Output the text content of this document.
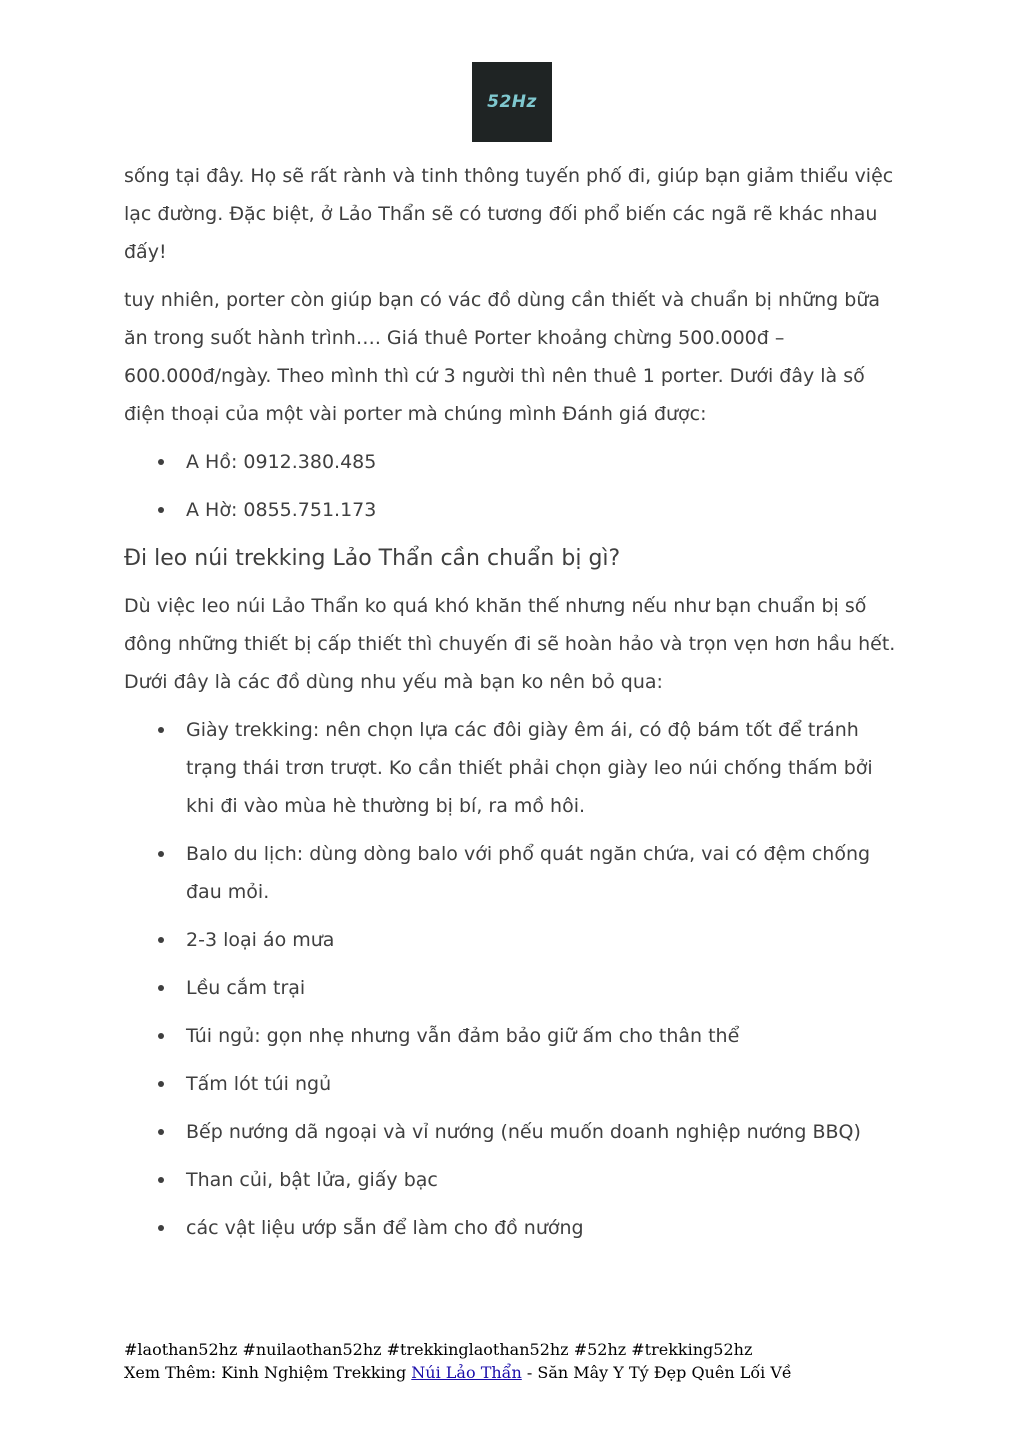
52Hz

sống tại đây. Họ sẽ rất rành và tinh thông tuyến phố đi, giúp bạn giảm thiểu việc lạc đường. Đặc biệt, ở Lảo Thẩn sẽ có tương đối phổ biến các ngã rẽ khác nhau đấy!

tuy nhiên, porter còn giúp bạn có vác đồ dùng cần thiết và chuẩn bị những bữa ăn trong suốt hành trình…. Giá thuê Porter khoảng chừng 500.000đ – 600.000đ/ngày. Theo mình thì cứ 3 người thì nên thuê 1 porter. Dưới đây là số điện thoại của một vài porter mà chúng mình Đánh giá được:

A Hồ: 0912.380.485
A Hờ: 0855.751.173
Đi leo núi trekking Lảo Thẩn cần chuẩn bị gì?

Dù việc leo núi Lảo Thẩn ko quá khó khăn thế nhưng nếu như bạn chuẩn bị số đông những thiết bị cấp thiết thì chuyến đi sẽ hoàn hảo và trọn vẹn hơn hầu hết. Dưới đây là các đồ dùng nhu yếu mà bạn ko nên bỏ qua:

Giày trekking: nên chọn lựa các đôi giày êm ái, có độ bám tốt để tránh trạng thái trơn trượt. Ko cần thiết phải chọn giày leo núi chống thấm bởi khi đi vào mùa hè thường bị bí, ra mồ hôi.
Balo du lịch: dùng dòng balo với phổ quát ngăn chứa, vai có đệm chống đau mỏi.
2-3 loại áo mưa
Lều cắm trại
Túi ngủ: gọn nhẹ nhưng vẫn đảm bảo giữ ấm cho thân thể
Tấm lót túi ngủ
Bếp nướng dã ngoại và vỉ nướng (nếu muốn doanh nghiệp nướng BBQ)
Than củi, bật lửa, giấy bạc
các vật liệu ướp sẵn để làm cho đồ nướng
#laothan52hz #nuilaothan52hz #trekkinglaothan52hz #52hz #trekking52hz
Xem Thêm: Kinh Nghiệm Trekking Núi Lảo Thẩn - Săn Mây Y Tý Đẹp Quên Lối Về
